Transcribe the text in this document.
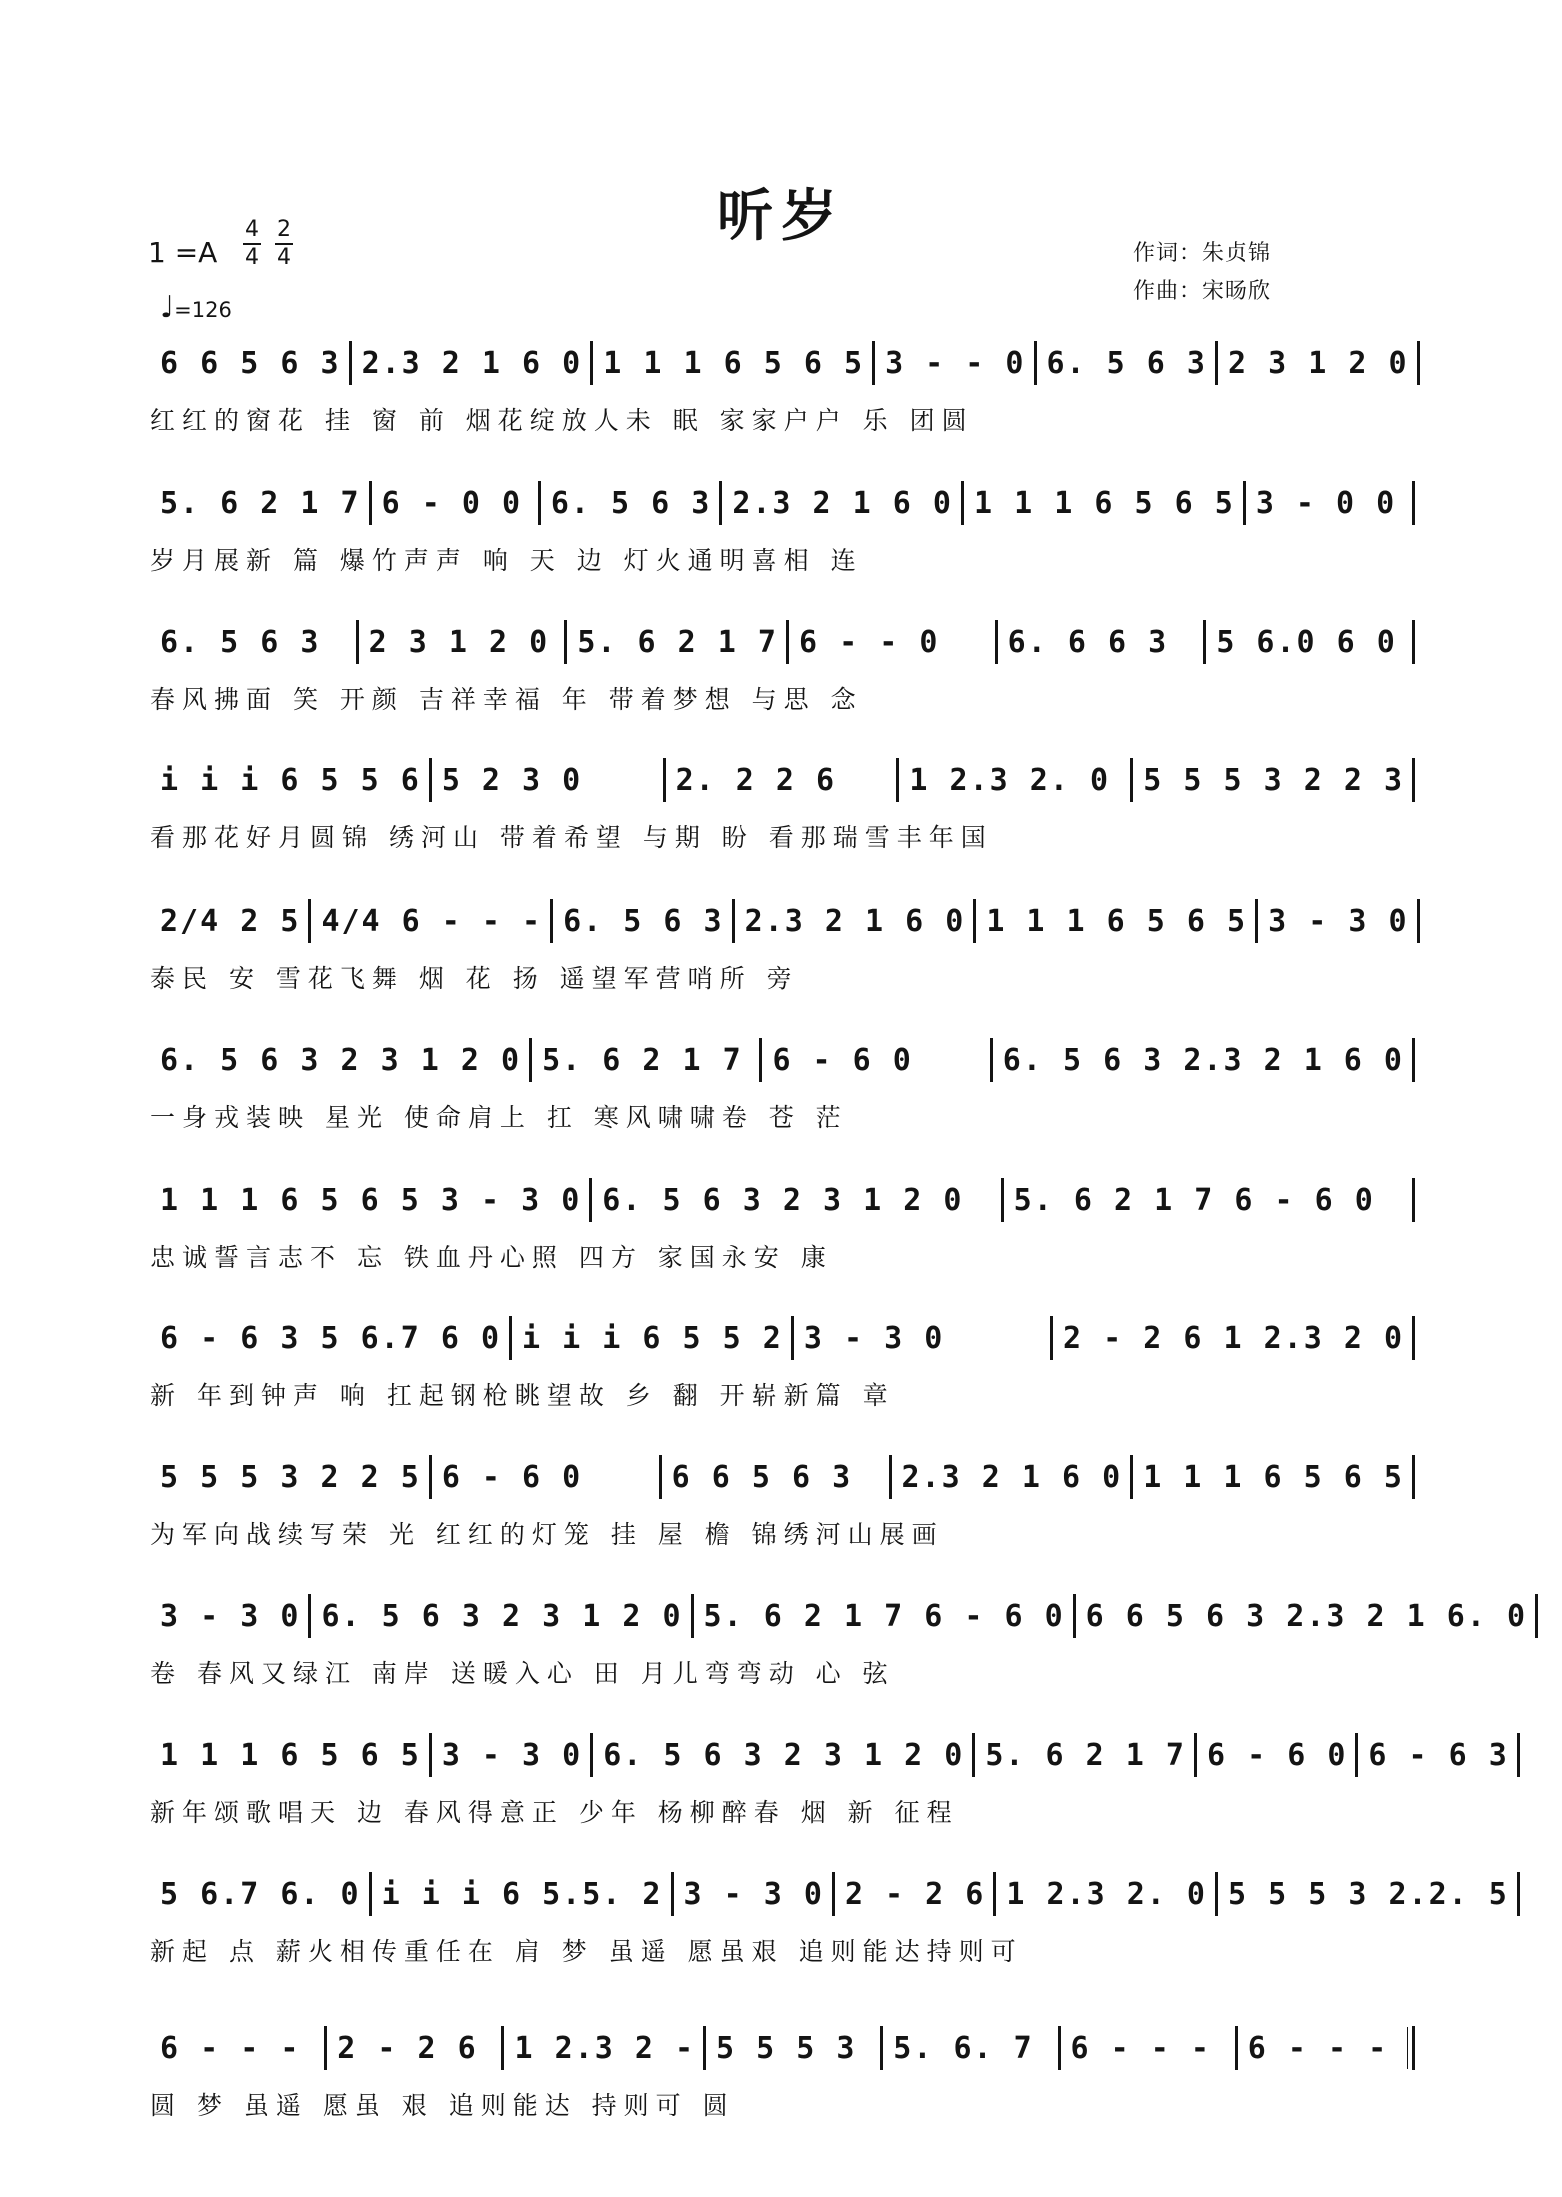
听岁
1 =A
4
4
2
4
♩=126
作词：朱贞锦
作曲：宋旸欣
6 6 5 6 3 2.3 2 1 6 0 1 1 1 6 5 6 5 3 - - 0 6. 5 6 3 2 3 1 2 0
红红的窗花 挂 窗 前 烟花绽放人未 眠 家家户户 乐 团圆
5. 6 2 1 7 6 - 0 0 6. 5 6 3 2.3 2 1 6 0 1 1 1 6 5 6 5 3 - 0 0
岁月展新 篇 爆竹声声 响 天 边 灯火通明喜相 连
6. 5 6 3	2 3 1 2 0 5. 6 2 1 7 6 - - 0	6. 6 6 3	5 6.0 6 0
春风拂面 笑 开颜 吉祥幸福 年 带着梦想 与思 念
i i i 6 5 5 6 5 2 3 0	2. 2 2 6	1 2.3 2. 0	5 5 5 3 2 2 3
看那花好月圆锦 绣河山 带着希望 与期 盼 看那瑞雪丰年国
2/4 2 5 4/4 6 - - - 6. 5 6 3 2.3 2 1 6 0 1 1 1 6 5 6 5 3 - 3 0
泰民 安 雪花飞舞 烟 花 扬 遥望军营哨所 旁
6. 5 6 3 2 3 1 2 0 5. 6 2 1 7 6 - 6 0	6. 5 6 3 2.3 2 1 6 0
一身戎装映 星光 使命肩上 扛 寒风啸啸卷 苍 茫
1 1 1 6 5 6 5 3 - 3 0 6. 5 6 3 2 3 1 2 0	5. 6 2 1 7 6 - 6 0
忠诚誓言志不 忘 铁血丹心照 四方 家国永安 康
6 - 6 3 5 6.7 6 0 i i i 6 5 5 2 3 - 3 0	2 - 2 6 1 2.3 2 0
新 年到钟声 响 扛起钢枪眺望故 乡 翻 开崭新篇 章
5 5 5 3 2 2 5 6 - 6 0	6 6 5 6 3	2.3 2 1 6 0 1 1 1 6 5 6 5
为军向战续写荣 光 红红的灯笼 挂 屋 檐 锦绣河山展画
3 - 3 0 6. 5 6 3 2 3 1 2 0 5. 6 2 1 7 6 - 6 0 6 6 5 6 3 2.3 2 1 6. 0
卷 春风又绿江 南岸 送暖入心 田 月儿弯弯动 心 弦
1 1 1 6 5 6 5 3 - 3 0 6. 5 6 3 2 3 1 2 0 5. 6 2 1 7 6 - 6 0 6 - 6 3
新年颂歌唱天 边 春风得意正 少年 杨柳醉春 烟 新 征程
5 6.7 6. 0 i i i 6 5.5. 2 3 - 3 0 2 - 2 6 1 2.3 2. 0 5 5 5 3 2.2. 5
新起 点 薪火相传重任在 肩 梦 虽遥 愿虽艰 追则能达持则可
6 - - -	2 - 2 6	1 2.3 2 - 5 5 5 3	5. 6. 7	6 - - -	6 - - -
圆 梦 虽遥 愿虽 艰 追则能达 持则可 圆
